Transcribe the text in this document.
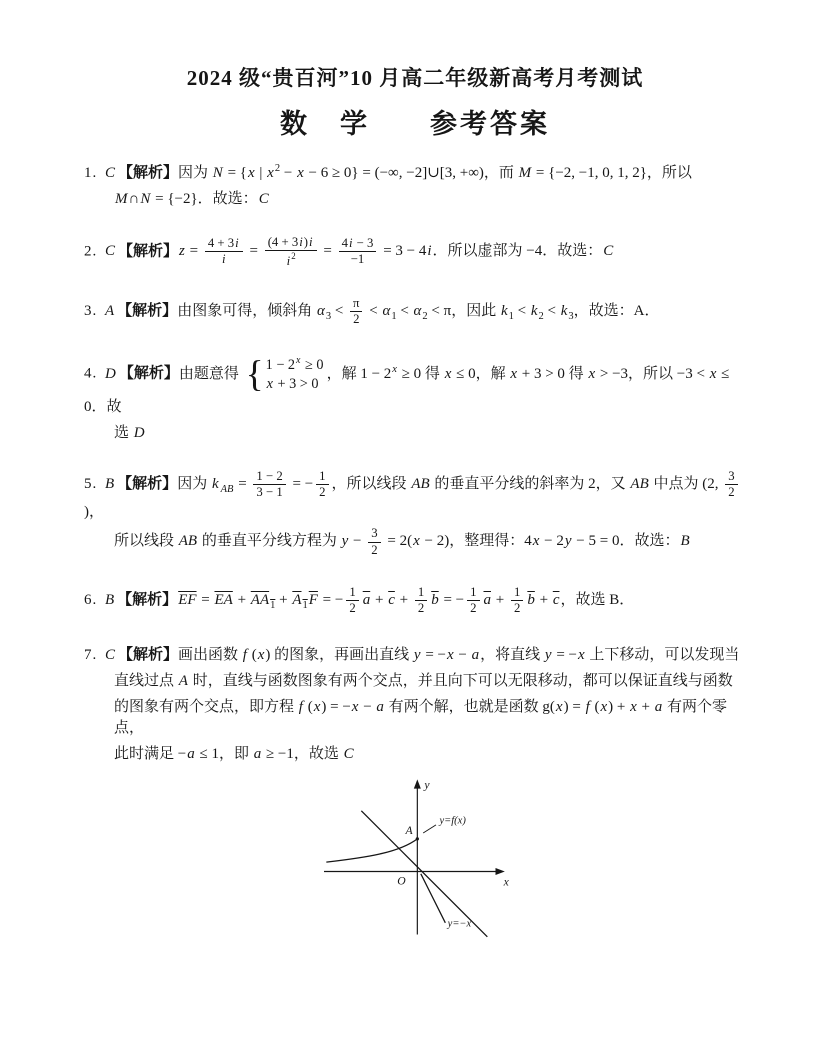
2024 级“贵百河”10 月高二年级新高考月考测试
数　学　　参考答案
1. C 【解析】因为 N = {x | $x^2 - x - 6 \ge 0$} = (−∞, −2]∪[3, +∞)，而 M = {−2, −1, 0, 1, 2}，所以
M∩N = {−2}．故选：C
2. C 【解析】$z = \frac{4 + 3i}{i} = \frac{(4 + 3i)i}{i^2} = \frac{4i - 3}{-1} = 3 - 4i$．所以虚部为 −4．故选：C
3. A 【解析】由图象可得，倾斜角 $\alpha_3 < \frac{\pi}{2} < \alpha_1 < \alpha_2 < \pi$，因此 $k_1 < k_2 < k_3$，故选：A．
4. D 【解析】由题意得 { $1 - 2^x \ge 0$
x + 3 > 0
，解 $1 - 2^x \ge 0$ 得 x ≤ 0，解 x + 3 > 0 得 x > −3，所以 −3 < x ≤ 0．故
选 D
5. B 【解析】因为 k $_{AB} = \frac{1 - 2}{3 - 1}$ = − $\frac{1}{2}$ ，所以线段 AB 的垂直平分线的斜率为 2，又 AB 中点为 (2, $\frac{3}{2}$
)，
所以线段 AB 的垂直平分线方程为 $y - \frac{3}{2} = 2(x - 2)$，整理得：4x − 2y − 5 = 0．故选：B
6. B 【解析】$\overline{EF} = \overline{EA} + AA_1 + A_1F$ = − $\frac{1}{2} \overline{a} + \overline{c} + \frac{1}{2} \overline{b}$ = − $\frac{1}{2} \overline{a} + \frac{1}{2} \overline{b} + \overline{c}$，故选 B．
7. C 【解析】画出函数 f (x) 的图象，再画出直线 y = −x − a，将直线 y = −x 上下移动，可以发现当
直线过点 A 时，直线与函数图象有两个交点，并且向下可以无限移动，都可以保证直线与函数
的图象有两个交点，即方程 f (x) = −x − a 有两个解，也就是函数 g(x) = f (x) + x + a 有两个零点，
此时满足 −a ≤ 1，即 a ≥ −1，故选 C
y
x
O
A
y=f(x)
y=−x
